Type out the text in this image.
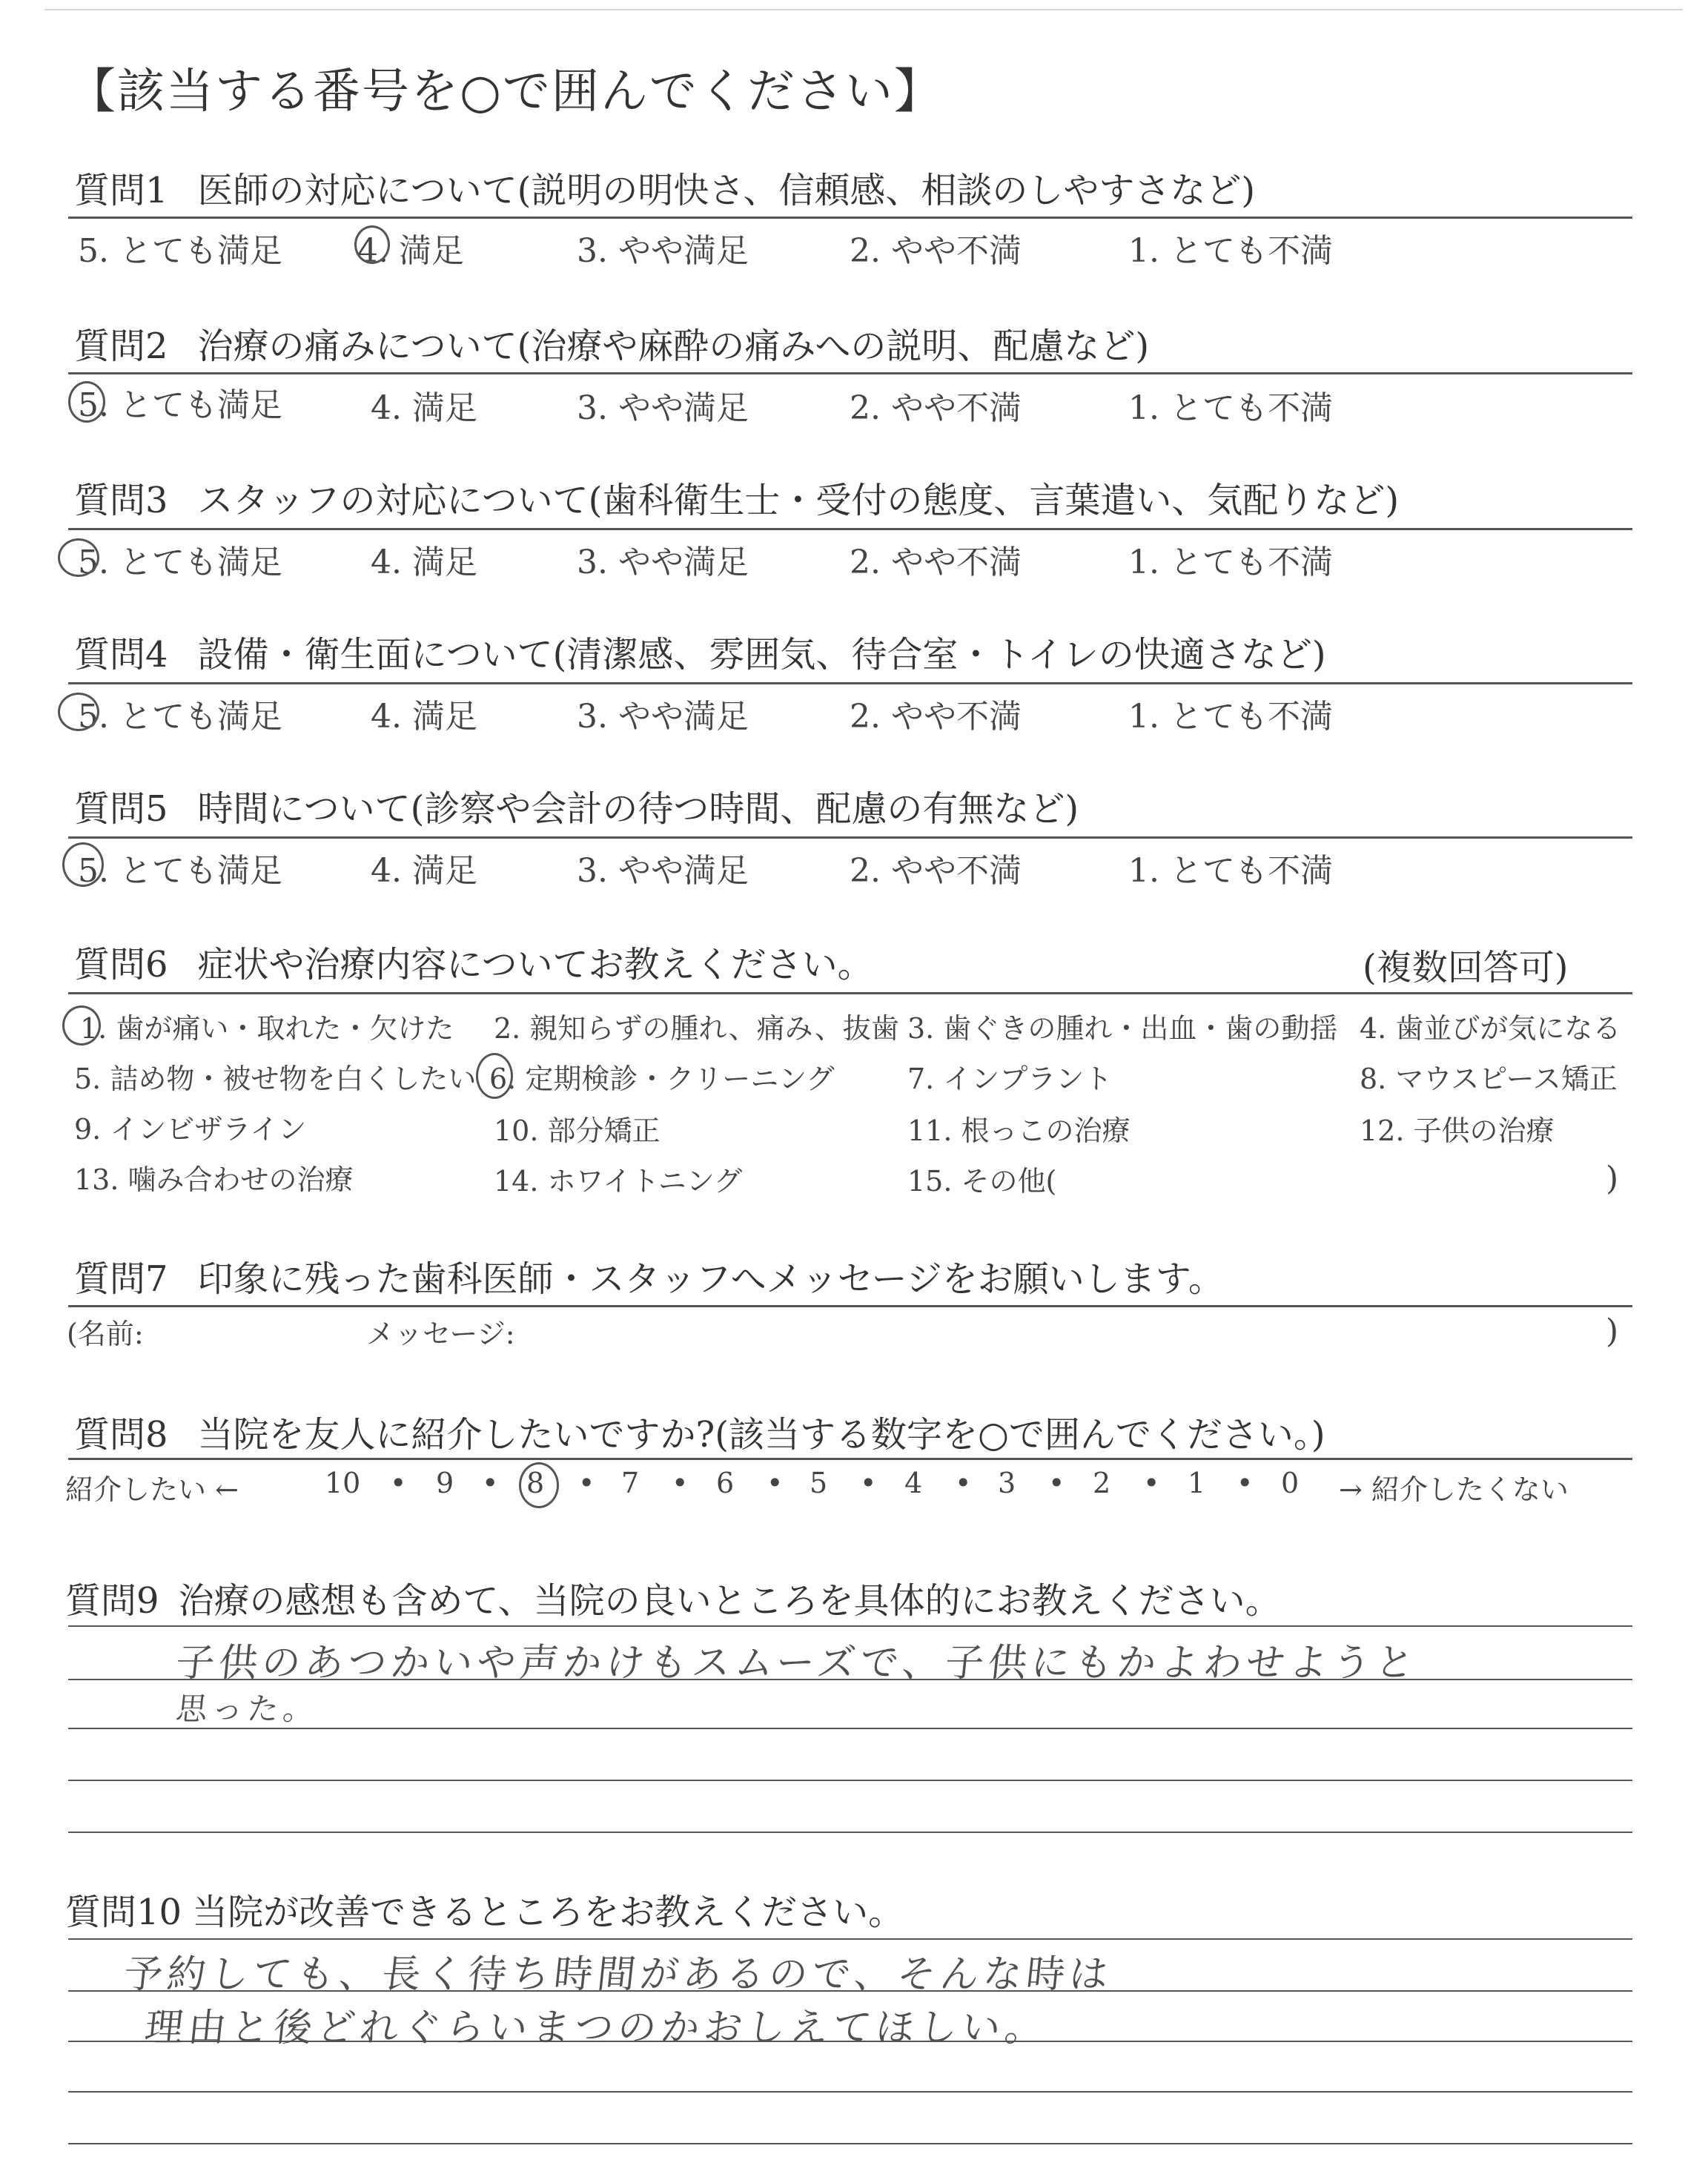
【該当する番号を○で囲んでください】
質問1 医師の対応について(説明の明快さ、信頼感、相談のしやすさなど)
5. とても満足 4. 満足	3. やや満足	2. やや不満	1. とても不満
質問2 治療の痛みについて(治療や麻酔の痛みへの説明、配慮など)
5. とても満足	4. 満足	3. やや満足	2. やや不満	1. とても不満
質問3 スタッフの対応について(歯科衛生士・受付の態度、言葉遣い、気配りなど)
5. とても満足	4. 満足	3. やや満足	2. やや不満	1. とても不満
質問4 設備・衛生面について(清潔感、雰囲気、待合室・トイレの快適さなど)
5. とても満足	4. 満足	3. やや満足	2. やや不満	1. とても不満
質問5 時間について(診察や会計の待つ時間、配慮の有無など)
5. とても満足	4. 満足	3. やや満足	2. やや不満	1. とても不満
質問6 症状や治療内容についてお教えください。	(複数回答可)
1. 歯が痛い・取れた・欠けた 2. 親知らずの腫れ、痛み、抜歯 3. 歯ぐきの腫れ・出血・歯の動揺 4. 歯並びが気になる
5. 詰め物・被せ物を白くしたい 6. 定期検診・クリーニング	7. インプラント	8. マウスピース矯正
9. インビザライン	10. 部分矯正	11. 根っこの治療	12. 子供の治療
13. 噛み合わせの治療	14. ホワイトニング	15. その他(	)
質問7 印象に残った歯科医師・スタッフへメッセージをお願いします。
(名前:	メッセージ:	)
質問8 当院を友人に紹介したいですか?(該当する数字を○で囲んでください。)
紹介したい ←	→ 紹介したくない
10 • 9 • 8 • 7 • 6 • 5 • 4 • 3 • 2 • 1 • 0
質問9 治療の感想も含めて、当院の良いところを具体的にお教えください。
子供のあつかいや声かけもスムーズで、子供にもかよわせようと
思った。
質問10 当院が改善できるところをお教えください。
予約しても、長く待ち時間があるので、そんな時は
理由と後どれぐらいまつのかおしえてほしい。
